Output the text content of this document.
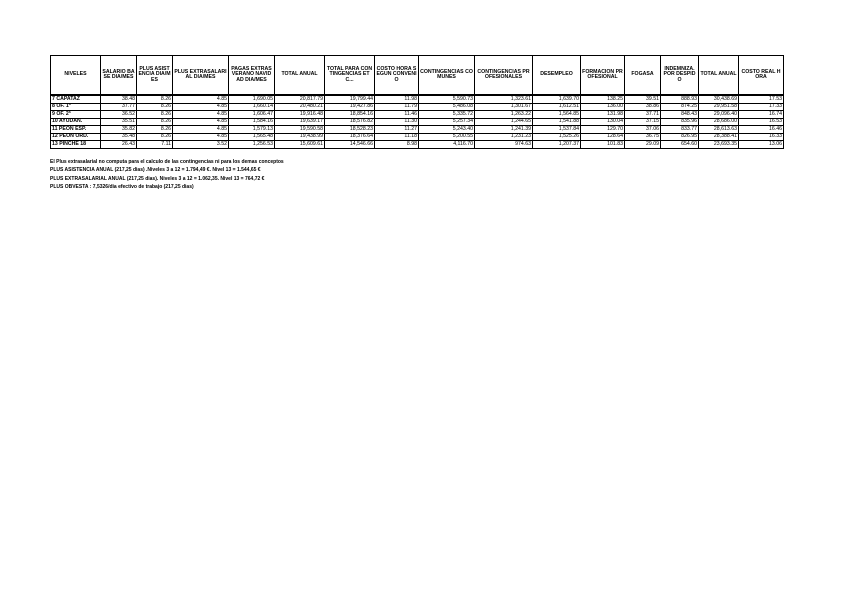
NIVELES	SALARIO BASE DIA/MES	PLUS ASISTENCIA DIA/MES	PLUS EXTRASALARIAL DIA/MES	PAGAS EXTRAS VERANO NAVIDAD DIA/MES	TOTAL ANUAL	TOTAL PARA CONTINGENCIAS ETC...	COSTO HORA SEGUN CONVENIO	CONTINGENCIAS COMUNES	CONTINGENCIAS PROFESIONALES	DESEMPLEO	FORMACION PROFESIONAL	FOGASA	INDEMNIZA. POR DESPIDO	TOTAL ANUAL	COSTO REAL HORA
7 CAPATAZ	38.48	8.26	4.85	1,690.05	20,817.79	19,799.44	11.98	5,590.73	1,323.61	1,639.70	138.25	39.51	888.93	30,438.69	17.53
8 OF. 1ª	37.77	8.26	4.85	1,660.14	20,480.21	19,427.86	11.79	5,486.08	1,301.67	1,612.51	136.00	38.86	874.25	29,951.58	17.33
9 OF. 2ª	36.52	8.26	4.85	1,606.47	19,916.48	18,854.16	11.46	5,335.72	1,263.22	1,564.85	131.98	37.71	848.43	29,096.40	16.74
10 AYUDAN.	35.51	8.26	4.85	1,584.16	19,639.17	18,576.82	11.30	5,257.34	1,244.65	1,541.88	130.04	37.15	835.96	28,686.00	16.53
11 PEON ESP.	35.82	8.26	4.85	1,579.13	19,590.58	18,528.23	11.27	5,243.40	1,241.39	1,537.84	129.70	37.06	833.77	28,613.63	16.46
12 PEON ORD.	35.48	8.26	4.85	1,565.48	19,438.99	18,376.64	11.18	5,200.55	1,231.23	1,525.26	128.64	36.75	826.95	28,388.41	16.33
13 PINCHE 18	26.43	7.11	3.52	1,256.53	15,609.61	14,546.66	8.98	4,116.70	974.63	1,207.37	101.83	29.09	654.60	23,693.35	13.06
El Plus extrasalarial no computa para el calculo de las contingencias ni para los demas conceptos
PLUS ASISTENCIA ANUAL (217,25 dias) .Niveles 3 a 12 = 1.794,49 €. Nivel 13 = 1.544,65 €
PLUS EXTRASALARIAL ANUAL (217,25 dias). Niveles 3 a 12 = 1.062,35. Nivel 13 = 764,72 €
PLUS OBVESTA : 7,5326/dia efectivo de trabajo (217,25 dias)
